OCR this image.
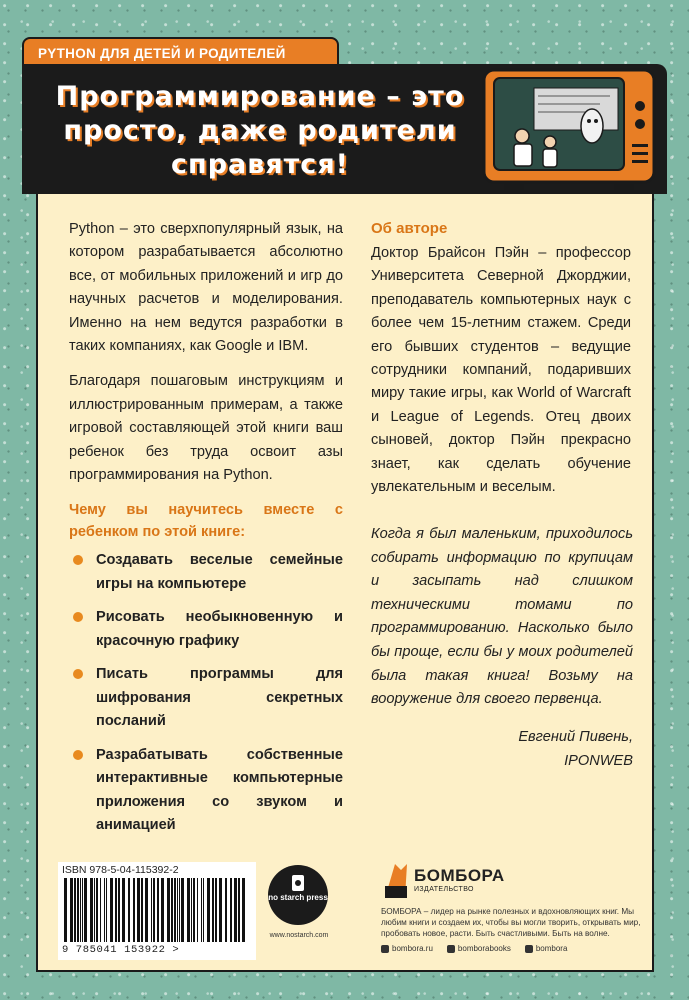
PYTHON ДЛЯ ДЕТЕЙ И РОДИТЕЛЕЙ
Программирование – это просто, даже родители справятся!

Python – это сверхпопулярный язык, на котором разрабатывается абсолютно все, от мобильных приложений и игр до научных расчетов и моделирования. Именно на нем ведутся разработки в таких компаниях, как Google и IBM.

Благодаря пошаговым инструкциям и иллюстрированным примерам, а также игровой составляющей этой книги ваш ребенок без труда освоит азы программирования на Python.

Чему вы научитесь вместе с ребенком по этой книге:
Создавать веселые семейные игры на компьютере
Рисовать необыкновенную и красочную графику
Писать программы для шифрования секретных посланий
Разрабатывать собственные интерактивные компьютерные приложения со звуком и анимацией
Об авторе

Доктор Брайсон Пэйн – профессор Университета Северной Джорджии, преподаватель компьютерных наук с более чем 15-летним стажем. Среди его бывших студентов – ведущие сотрудники компаний, подаривших миру такие игры, как World of Warcraft и League of Legends. Отец двоих сыновей, доктор Пэйн прекрасно знает, как сделать обучение увлекательным и веселым.

Когда я был маленьким, приходилось собирать информацию по крупицам и засыпать над слишком техническими томами по программированию. Насколько было бы проще, если бы у моих родителей была такая книга! Возьму на вооружение для своего первенца.
Евгений Пивень,
IPONWEB
ISBN 978-5-04-115392-2
9 785041 153922 >
no starch press
www.nostarch.com
БОМБОРА
ИЗДАТЕЛЬСТВО
БОМБОРА – лидер на рынке полезных и вдохновляющих книг. Мы любим книги и создаем их, чтобы вы могли творить, открывать мир, пробовать новое, расти. Быть счастливыми. Быть на волне.
bombora.ru	bomborabooks	bombora
